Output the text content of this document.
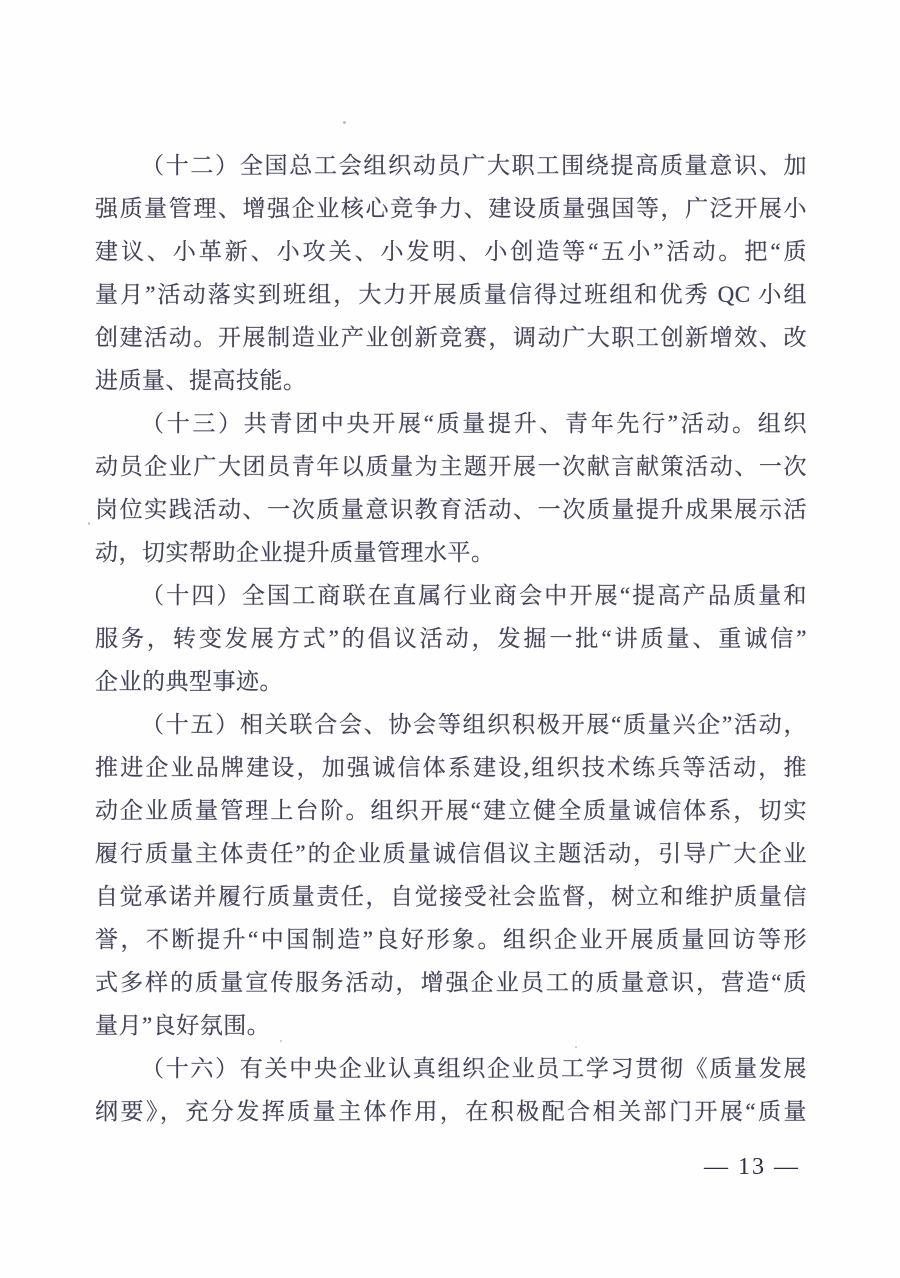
（十二）全国总工会组织动员广大职工围绕提高质量意识、加
强质量管理、增强企业核心竞争力、建设质量强国等，广泛开展小
建议、小革新、小攻关、小发明、小创造等“五小”活动。把“质
量月”活动落实到班组，大力开展质量信得过班组和优秀 QC 小组
创建活动。开展制造业产业创新竞赛，调动广大职工创新增效、改
进质量、提高技能。
（十三）共青团中央开展“质量提升、青年先行”活动。组织
动员企业广大团员青年以质量为主题开展一次献言献策活动、一次
岗位实践活动、一次质量意识教育活动、一次质量提升成果展示活
动，切实帮助企业提升质量管理水平。
（十四）全国工商联在直属行业商会中开展“提高产品质量和
服务，转变发展方式”的倡议活动，发掘一批“讲质量、重诚信”
企业的典型事迹。
（十五）相关联合会、协会等组织积极开展“质量兴企”活动，
推进企业品牌建设，加强诚信体系建设,组织技术练兵等活动，推
动企业质量管理上台阶。组织开展“建立健全质量诚信体系，切实
履行质量主体责任”的企业质量诚信倡议主题活动，引导广大企业
自觉承诺并履行质量责任，自觉接受社会监督，树立和维护质量信
誉，不断提升“中国制造”良好形象。组织企业开展质量回访等形
式多样的质量宣传服务活动，增强企业员工的质量意识，营造“质
量月”良好氛围。
（十六）有关中央企业认真组织企业员工学习贯彻《质量发展
纲要》，充分发挥质量主体作用，在积极配合相关部门开展“质量
— 13 —
